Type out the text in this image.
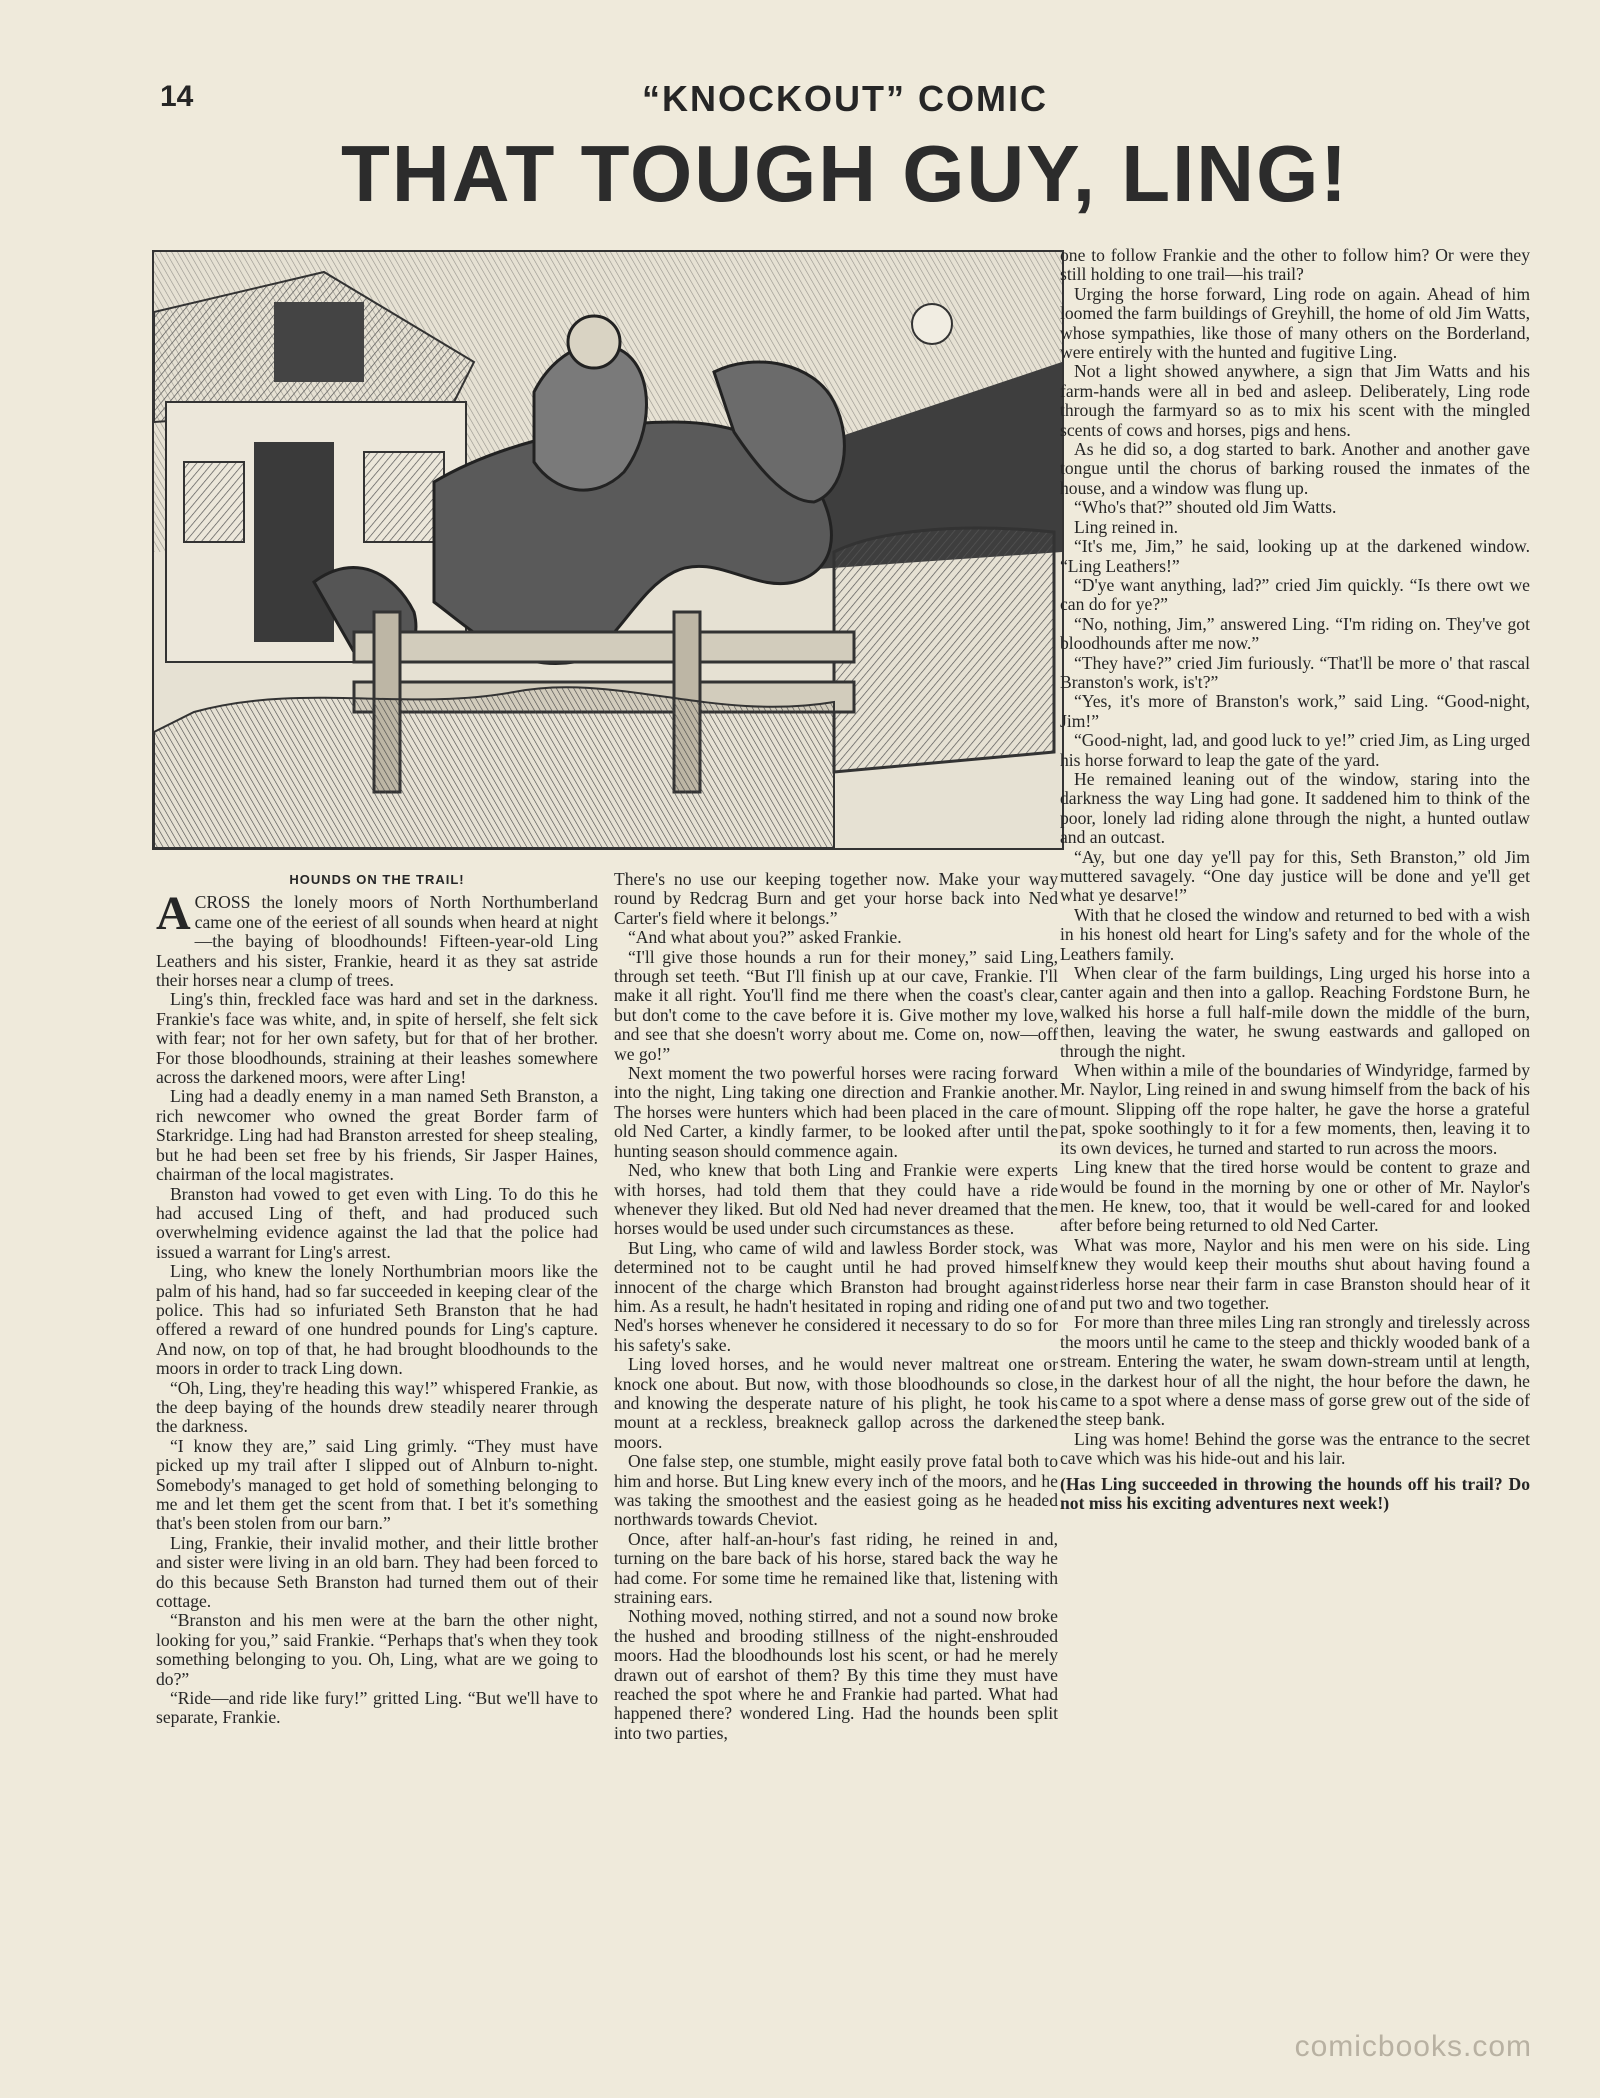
14	“KNOCKOUT” COMIC
THAT TOUGH GUY, LING!
HOUNDS ON THE TRAIL!

ACROSS the lonely moors of North Northumberland came one of the eeriest of all sounds when heard at night—the baying of bloodhounds! Fifteen-year-old Ling Leathers and his sister, Frankie, heard it as they sat astride their horses near a clump of trees.

Ling's thin, freckled face was hard and set in the darkness. Frankie's face was white, and, in spite of herself, she felt sick with fear; not for her own safety, but for that of her brother. For those bloodhounds, straining at their leashes somewhere across the darkened moors, were after Ling!

Ling had a deadly enemy in a man named Seth Branston, a rich newcomer who owned the great Border farm of Starkridge. Ling had had Branston arrested for sheep stealing, but he had been set free by his friends, Sir Jasper Haines, chairman of the local magistrates.

Branston had vowed to get even with Ling. To do this he had accused Ling of theft, and had produced such overwhelming evidence against the lad that the police had issued a warrant for Ling's arrest.

Ling, who knew the lonely Northumbrian moors like the palm of his hand, had so far succeeded in keeping clear of the police. This had so infuriated Seth Branston that he had offered a reward of one hundred pounds for Ling's capture. And now, on top of that, he had brought bloodhounds to the moors in order to track Ling down.

“Oh, Ling, they're heading this way!” whispered Frankie, as the deep baying of the hounds drew steadily nearer through the darkness.

“I know they are,” said Ling grimly. “They must have picked up my trail after I slipped out of Alnburn to-night. Somebody's managed to get hold of something belonging to me and let them get the scent from that. I bet it's something that's been stolen from our barn.”

Ling, Frankie, their invalid mother, and their little brother and sister were living in an old barn. They had been forced to do this because Seth Branston had turned them out of their cottage.

“Branston and his men were at the barn the other night, looking for you,” said Frankie. “Perhaps that's when they took something belonging to you. Oh, Ling, what are we going to do?”

“Ride—and ride like fury!” gritted Ling. “But we'll have to separate, Frankie.

There's no use our keeping together now. Make your way round by Redcrag Burn and get your horse back into Ned Carter's field where it belongs.”

“And what about you?” asked Frankie.

“I'll give those hounds a run for their money,” said Ling, through set teeth. “But I'll finish up at our cave, Frankie. I'll make it all right. You'll find me there when the coast's clear, but don't come to the cave before it is. Give mother my love, and see that she doesn't worry about me. Come on, now—off we go!”

Next moment the two powerful horses were racing forward into the night, Ling taking one direction and Frankie another. The horses were hunters which had been placed in the care of old Ned Carter, a kindly farmer, to be looked after until the hunting season should commence again.

Ned, who knew that both Ling and Frankie were experts with horses, had told them that they could have a ride whenever they liked. But old Ned had never dreamed that the horses would be used under such circumstances as these.

But Ling, who came of wild and lawless Border stock, was determined not to be caught until he had proved himself innocent of the charge which Branston had brought against him. As a result, he hadn't hesitated in roping and riding one of Ned's horses whenever he considered it necessary to do so for his safety's sake.

Ling loved horses, and he would never maltreat one or knock one about. But now, with those bloodhounds so close, and knowing the desperate nature of his plight, he took his mount at a reckless, breakneck gallop across the darkened moors.

One false step, one stumble, might easily prove fatal both to him and horse. But Ling knew every inch of the moors, and he was taking the smoothest and the easiest going as he headed northwards towards Cheviot.

Once, after half-an-hour's fast riding, he reined in and, turning on the bare back of his horse, stared back the way he had come. For some time he remained like that, listening with straining ears.

Nothing moved, nothing stirred, and not a sound now broke the hushed and brooding stillness of the night-enshrouded moors. Had the bloodhounds lost his scent, or had he merely drawn out of earshot of them? By this time they must have reached the spot where he and Frankie had parted. What had happened there? wondered Ling. Had the hounds been split into two parties,

one to follow Frankie and the other to follow him? Or were they still holding to one trail—his trail?

Urging the horse forward, Ling rode on again. Ahead of him loomed the farm buildings of Greyhill, the home of old Jim Watts, whose sympathies, like those of many others on the Borderland, were entirely with the hunted and fugitive Ling.

Not a light showed anywhere, a sign that Jim Watts and his farm-hands were all in bed and asleep. Deliberately, Ling rode through the farmyard so as to mix his scent with the mingled scents of cows and horses, pigs and hens.

As he did so, a dog started to bark. Another and another gave tongue until the chorus of barking roused the inmates of the house, and a window was flung up.

“Who's that?” shouted old Jim Watts.

Ling reined in.

“It's me, Jim,” he said, looking up at the darkened window. “Ling Leathers!”

“D'ye want anything, lad?” cried Jim quickly. “Is there owt we can do for ye?”

“No, nothing, Jim,” answered Ling. “I'm riding on. They've got bloodhounds after me now.”

“They have?” cried Jim furiously. “That'll be more o' that rascal Branston's work, is't?”

“Yes, it's more of Branston's work,” said Ling. “Good-night, Jim!”

“Good-night, lad, and good luck to ye!” cried Jim, as Ling urged his horse forward to leap the gate of the yard.

He remained leaning out of the window, staring into the darkness the way Ling had gone. It saddened him to think of the poor, lonely lad riding alone through the night, a hunted outlaw and an outcast.

“Ay, but one day ye'll pay for this, Seth Branston,” old Jim muttered savagely. “One day justice will be done and ye'll get what ye desarve!”

With that he closed the window and returned to bed with a wish in his honest old heart for Ling's safety and for the whole of the Leathers family.

When clear of the farm buildings, Ling urged his horse into a canter again and then into a gallop. Reaching Fordstone Burn, he walked his horse a full half-mile down the middle of the burn, then, leaving the water, he swung eastwards and galloped on through the night.

When within a mile of the boundaries of Windyridge, farmed by Mr. Naylor, Ling reined in and swung himself from the back of his mount. Slipping off the rope halter, he gave the horse a grateful pat, spoke soothingly to it for a few moments, then, leaving it to its own devices, he turned and started to run across the moors.

Ling knew that the tired horse would be content to graze and would be found in the morning by one or other of Mr. Naylor's men. He knew, too, that it would be well-cared for and looked after before being returned to old Ned Carter.

What was more, Naylor and his men were on his side. Ling knew they would keep their mouths shut about having found a riderless horse near their farm in case Branston should hear of it and put two and two together.

For more than three miles Ling ran strongly and tirelessly across the moors until he came to the steep and thickly wooded bank of a stream. Entering the water, he swam down-stream until at length, in the darkest hour of all the night, the hour before the dawn, he came to a spot where a dense mass of gorse grew out of the side of the steep bank.

Ling was home! Behind the gorse was the entrance to the secret cave which was his hide-out and his lair.

(Has Ling succeeded in throwing the hounds off his trail? Do not miss his exciting adventures next week!)

comicbooks.com
